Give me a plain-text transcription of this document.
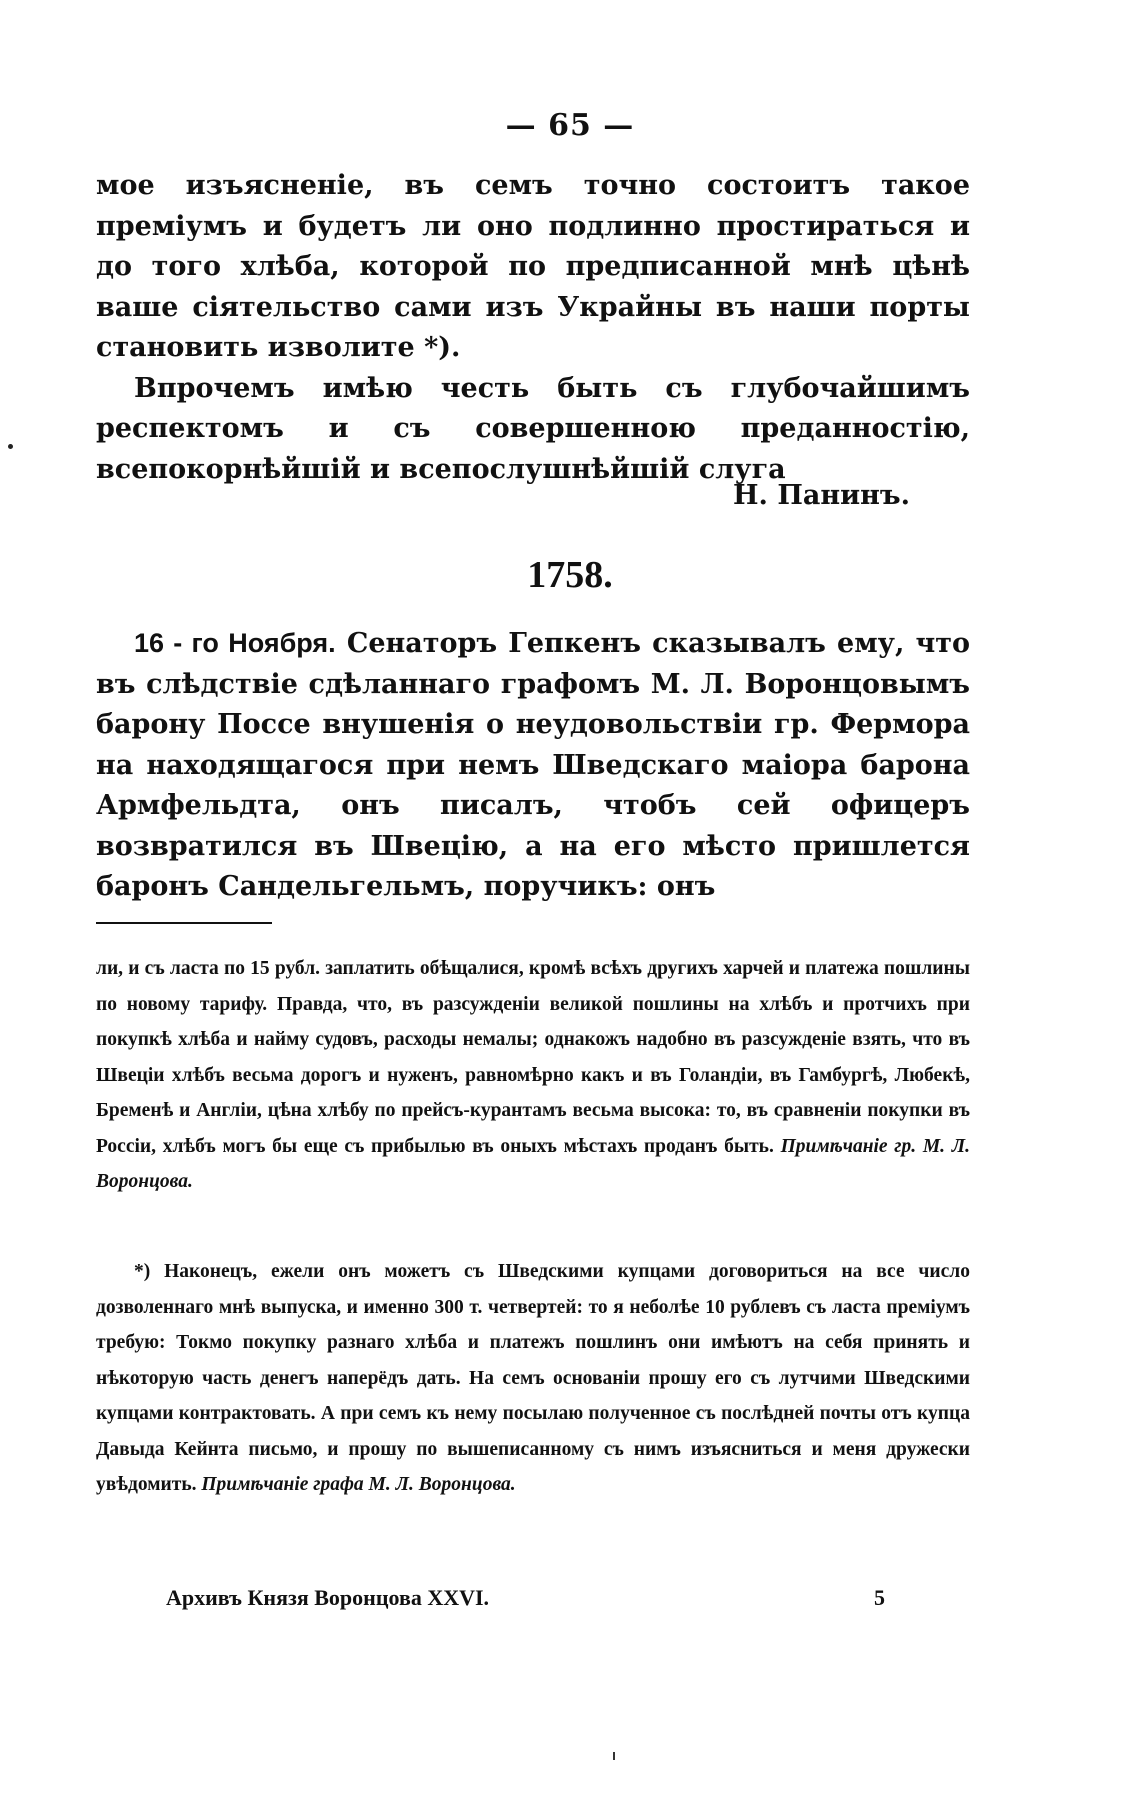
— 65 —

мое изъясненіе, въ семъ точно состоитъ такое преміумъ и будетъ ли оно подлинно простираться и до того хлѣба, которой по предписанной мнѣ цѣнѣ ваше сіятельство сами изъ Украйны въ наши порты становить изволите *).

Впрочемъ имѣю честь быть съ глубочайшимъ респектомъ и съ совершенною преданностію, всепокорнѣйшій и всепослушнѣйшій слуга

Н. Панинъ.
1758.

16 - го Ноября. Сенаторъ Гепкенъ сказывалъ ему, что въ слѣдствіе сдѣланнаго графомъ М. Л. Воронцовымъ барону Поссе внушенія о неудовольствіи гр. Фермора на находящагося при немъ Шведскаго маіора барона Армфельдта, онъ писалъ, чтобъ сей офицеръ возвратился въ Швецію, а на его мѣсто пришлется баронъ Сандельгельмъ, поручикъ: онъ

ли, и съ ласта по 15 рубл. заплатить обѣщалися, кромѣ всѣхъ другихъ харчей и платежа пошлины по новому тарифу. Правда, что, въ разсужденіи великой пошлины на хлѣбъ и протчихъ при покупкѣ хлѣба и найму судовъ, расходы немалы; однакожъ надобно въ разсужденіе взять, что въ Швеціи хлѣбъ весьма дорогъ и нуженъ, равномѣрно какъ и въ Голандіи, въ Гамбургѣ, Любекѣ, Бременѣ и Англіи, цѣна хлѣбу по прейсъ-курантамъ весьма высока: то, въ сравненіи покупки въ Россіи, хлѣбъ могъ бы еще съ прибылью въ оныхъ мѣстахъ проданъ быть. Примѣчаніе гр. М. Л. Воронцова.

*) Наконецъ, ежели онъ можетъ съ Шведскими купцами договориться на все число дозволеннаго мнѣ выпуска, и именно 300 т. четвертей: то я неболѣе 10 рублевъ съ ласта преміумъ требую: Токмо покупку разнаго хлѣба и платежъ пошлинъ они имѣютъ на себя принять и нѣкоторую часть денегъ наперёдъ дать. На семъ основаніи прошу его съ лутчими Шведскими купцами контрактовать. А при семъ къ нему посылаю полученное съ послѣдней почты отъ купца Давыда Кейнта письмо, и прошу по вышеписанному съ нимъ изъясниться и меня дружески увѣдомить. Примѣчаніе графа М. Л. Воронцова.

Архивъ Князя Воронцова XXVI.	5
